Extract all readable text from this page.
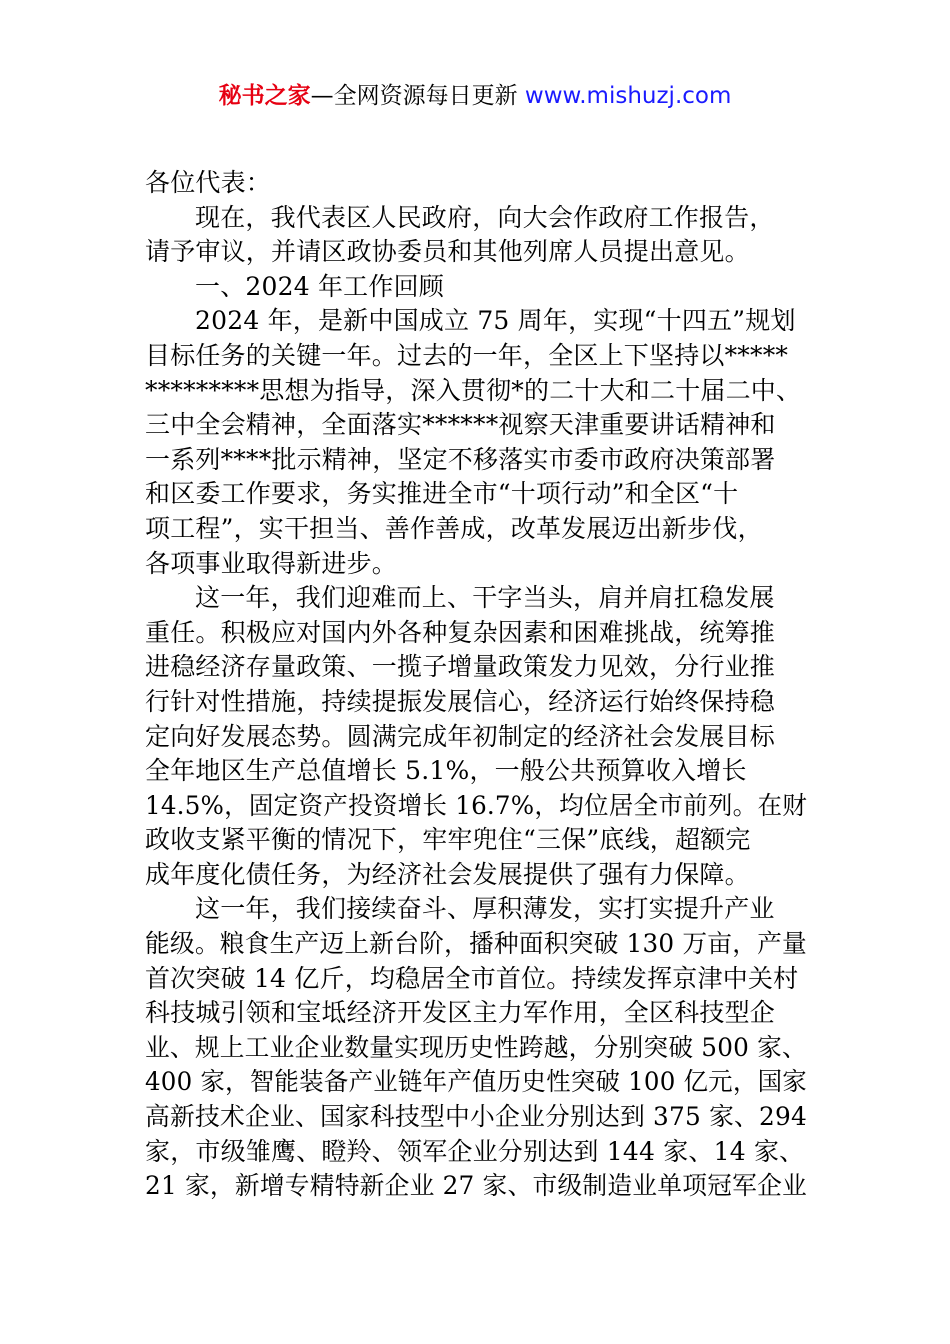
秘书之家—全网资源每日更新 www.mishuzj.com
各位代表：
现在，我代表区人民政府，向大会作政府工作报告，
请予审议，并请区政协委员和其他列席人员提出意见。
一、2024 年工作回顾
2024 年，是新中国成立 75 周年，实现“十四五”规划
目标任务的关键一年。过去的一年，全区上下坚持以*****
*********思想为指导，深入贯彻*的二十大和二十届二中、
三中全会精神，全面落实******视察天津重要讲话精神和
一系列****批示精神，坚定不移落实市委市政府决策部署
和区委工作要求，务实推进全市“十项行动”和全区“十
项工程”，实干担当、善作善成，改革发展迈出新步伐，
各项事业取得新进步。
这一年，我们迎难而上、干字当头，肩并肩扛稳发展
重任。积极应对国内外各种复杂因素和困难挑战，统筹推
进稳经济存量政策、一揽子增量政策发力见效，分行业推
行针对性措施，持续提振发展信心，经济运行始终保持稳
定向好发展态势。圆满完成年初制定的经济社会发展目标
全年地区生产总值增长 5.1%，一般公共预算收入增长
14.5%，固定资产投资增长 16.7%，均位居全市前列。在财
政收支紧平衡的情况下，牢牢兜住“三保”底线，超额完
成年度化债任务，为经济社会发展提供了强有力保障。
这一年，我们接续奋斗、厚积薄发，实打实提升产业
能级。粮食生产迈上新台阶，播种面积突破 130 万亩，产量
首次突破 14 亿斤，均稳居全市首位。持续发挥京津中关村
科技城引领和宝坻经济开发区主力军作用，全区科技型企
业、规上工业企业数量实现历史性跨越，分别突破 500 家、
400 家，智能装备产业链年产值历史性突破 100 亿元，国家
高新技术企业、国家科技型中小企业分别达到 375 家、294
家，市级雏鹰、瞪羚、领军企业分别达到 144 家、14 家、
21 家，新增专精特新企业 27 家、市级制造业单项冠军企业
